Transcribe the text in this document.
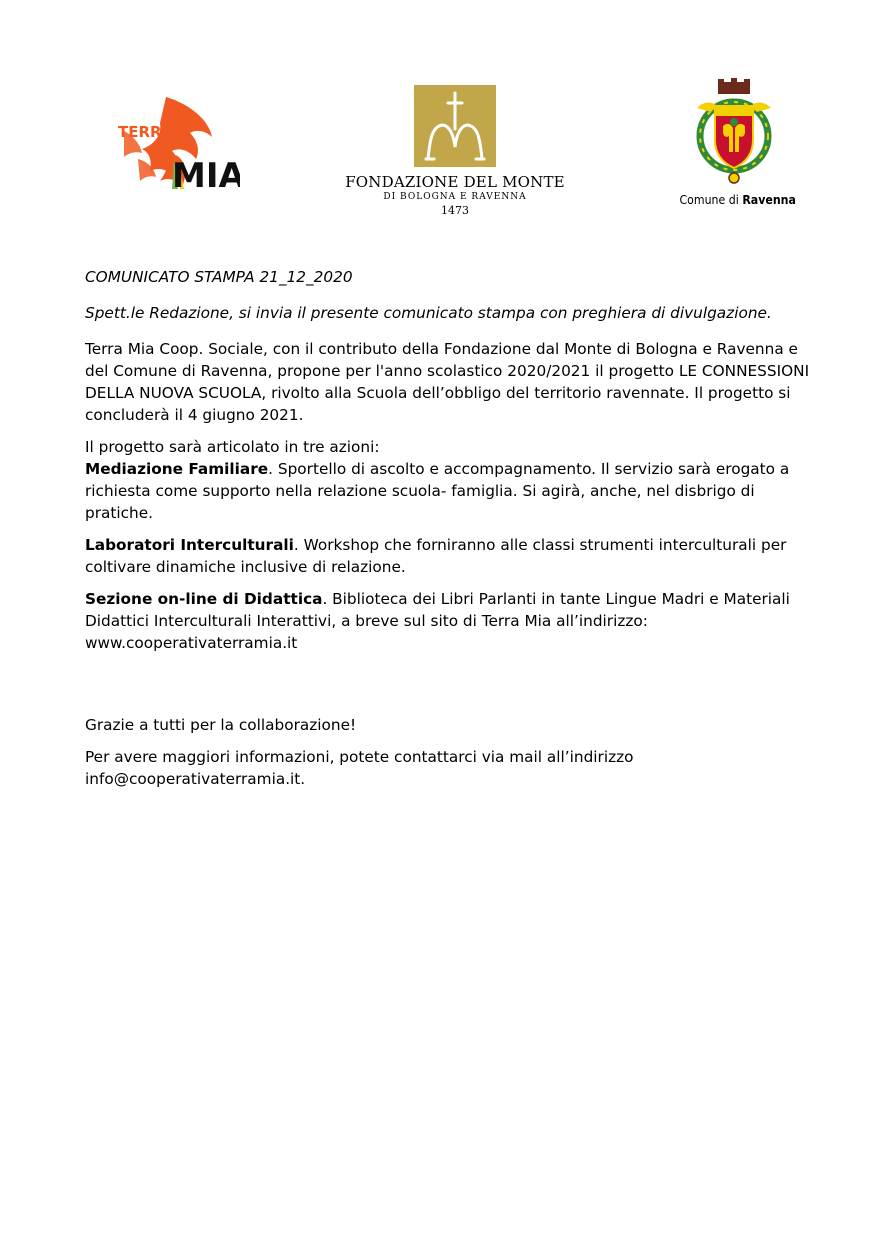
TERRA
MIA	FONDAZIONE DEL MONTE
DI BOLOGNA E RAVENNA
1473
Comune di Ravenna

COMUNICATO STAMPA 21_12_2020

Spett.le Redazione, si invia il presente comunicato stampa con preghiera di divulgazione.

Terra Mia Coop. Sociale, con il contributo della Fondazione dal Monte di Bologna e Ravenna e del Comune di Ravenna, propone per l'anno scolastico 2020/2021 il progetto LE CONNESSIONI DELLA NUOVA SCUOLA, rivolto alla Scuola dell’obbligo del territorio ravennate. Il progetto si concluderà il 4 giugno 2021.

Il progetto sarà articolato in tre azioni:

Mediazione Familiare. Sportello di ascolto e accompagnamento. Il servizio sarà erogato a richiesta come supporto nella relazione scuola- famiglia. Si agirà, anche, nel disbrigo di pratiche.

Laboratori Interculturali. Workshop che forniranno alle classi strumenti interculturali per coltivare dinamiche inclusive di relazione.

Sezione on-line di Didattica. Biblioteca dei Libri Parlanti in tante Lingue Madri e Materiali Didattici Interculturali Interattivi, a breve sul sito di Terra Mia all’indirizzo: www.cooperativaterramia.it

Grazie a tutti per la collaborazione!

Per avere maggiori informazioni, potete contattarci via mail all’indirizzo info@cooperativaterramia.it.
